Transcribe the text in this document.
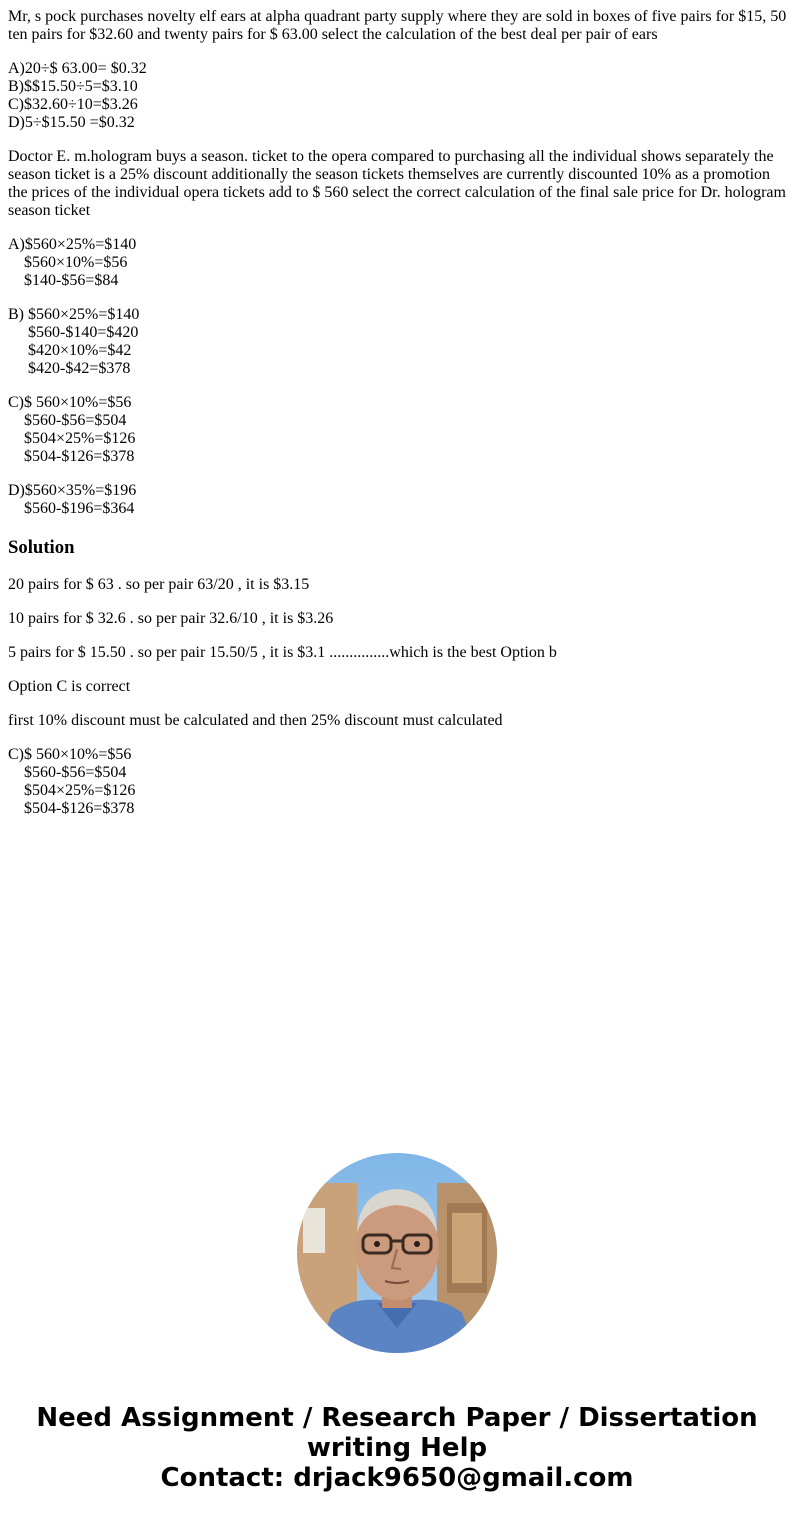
Mr, s pock purchases novelty elf ears at alpha quadrant party supply where they are sold in boxes of five pairs for $15, 50 ten pairs for $32.60 and twenty pairs for $ 63.00 select the calculation of the best deal per pair of ears

A)20÷$ 63.00= $0.32
B)$$15.50÷5=$3.10
C)$32.60÷10=$3.26
D)5÷$15.50 =$0.32

Doctor E. m.hologram buys a season. ticket to the opera compared to purchasing all the individual shows separately the season ticket is a 25% discount additionally the season tickets themselves are currently discounted 10% as a promotion the prices of the individual opera tickets add to $ 560 select the correct calculation of the final sale price for Dr. hologram season ticket

A)$560×25%=$140
$560×10%=$56
$140-$56=$84
B) $560×25%=$140
$560-$140=$420
$420×10%=$42
$420-$42=$378
C)$ 560×10%=$56
$560-$56=$504
$504×25%=$126
$504-$126=$378
D)$560×35%=$196
$560-$196=$364
Solution

20 pairs for $ 63 . so per pair 63/20 , it is $3.15

10 pairs for $ 32.6 . so per pair 32.6/10 , it is $3.26

5 pairs for $ 15.50 . so per pair 15.50/5 , it is $3.1 ...............which is the best Option b

Option C is correct

first 10% discount must be calculated and then 25% discount must calculated

C)$ 560×10%=$56
$560-$56=$504
$504×25%=$126
$504-$126=$378
Need Assignment / Research Paper / Dissertation
writing Help
Contact: drjack9650@gmail.com
